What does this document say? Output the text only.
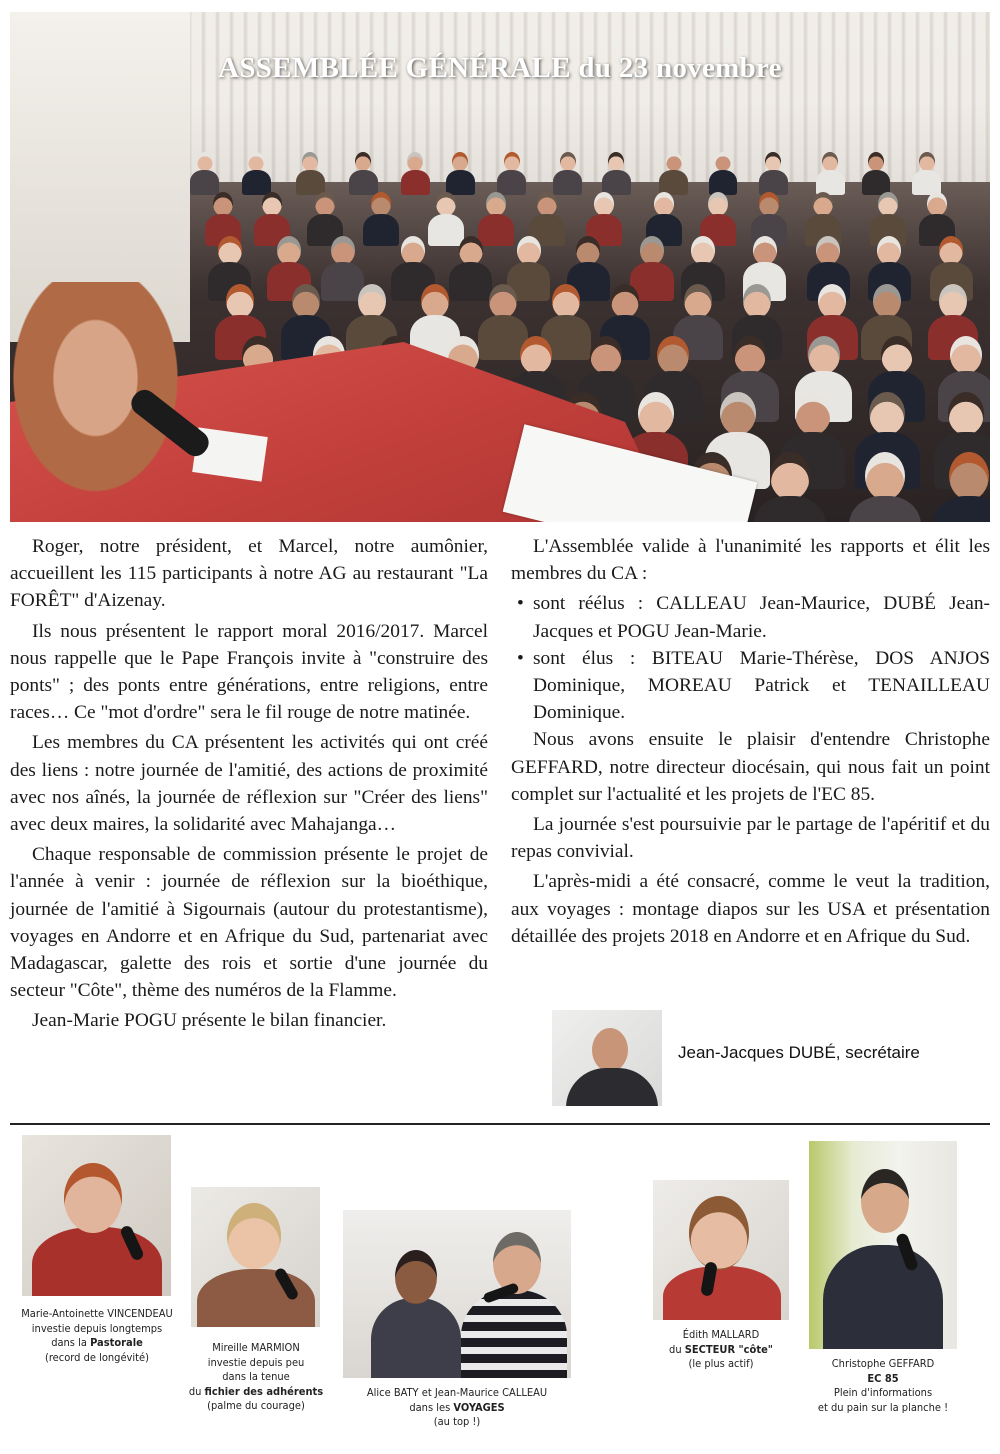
ASSEMBLÉE GÉNÉRALE du 23 novembre

Roger, notre président, et Marcel, notre aumônier, accueillent les 115 participants à notre AG au restaurant "La FORÊT" d'Aizenay.

Ils nous présentent le rapport moral 2016/2017. Marcel nous rappelle que le Pape François invite à "construire des ponts" ; des ponts entre générations, entre religions, entre races… Ce "mot d'ordre" sera le fil rouge de notre matinée.

Les membres du CA présentent les activités qui ont créé des liens : notre journée de l'amitié, des actions de proximité avec nos aînés, la journée de réflexion sur "Créer des liens" avec deux maires, la solidarité avec Mahajanga…

Chaque responsable de commission présente le projet de l'année à venir : journée de réflexion sur la bioéthique, journée de l'amitié à Sigournais (autour du protestantisme), voyages en Andorre et en Afrique du Sud, partenariat avec Madagascar, galette des rois et sortie d'une journée du secteur "Côte", thème des numéros de la Flamme.

Jean-Marie POGU présente le bilan financier.

L'Assemblée valide à l'unanimité les rapports et élit les membres du CA :

• sont réélus : CALLEAU Jean-Maurice, DUBÉ Jean-Jacques et POGU Jean-Marie.
• sont élus : BITEAU Marie-Thérèse, DOS ANJOS Dominique, MOREAU Patrick et TENAILLEAU Dominique.

Nous avons ensuite le plaisir d'entendre Christophe GEFFARD, notre directeur diocésain, qui nous fait un point complet sur l'actualité et les projets de l'EC 85.

La journée s'est poursuivie par le partage de l'apéritif et du repas convivial.

L'après-midi a été consacré, comme le veut la tradition, aux voyages : montage diapos sur les USA et présentation détaillée des projets 2018 en Andorre et en Afrique du Sud.

Jean-Jacques DUBÉ, secrétaire
Marie-Antoinette VINCENDEAU
investie depuis longtemps
dans la Pastorale
(record de longévité)
Mireille MARMION
investie depuis peu
dans la tenue
du fichier des adhérents
(palme du courage)
Alice BATY et Jean-Maurice CALLEAU
dans les VOYAGES
(au top !)
Édith MALLARD
du SECTEUR "côte"
(le plus actif)	Christophe GEFFARD
EC 85
Plein d'informations
et du pain sur la planche !
